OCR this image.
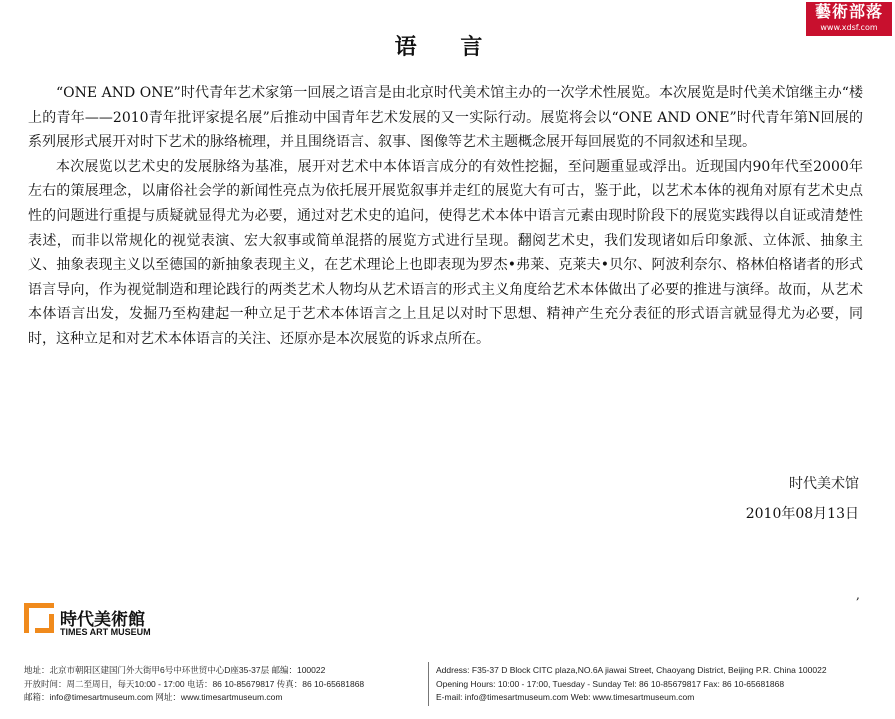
藝術部落
www.xdsf.com
语 言

“ONE AND ONE”时代青年艺术家第一回展之语言是由北京时代美术馆主办的一次学术性展览。本次展览是时代美术馆继主办“楼上的青年——2010青年批评家提名展”后推动中国青年艺术发展的又一实际行动。展览将会以“ONE AND ONE”时代青年第N回展的系列展形式展开对时下艺术的脉络梳理，并且围绕语言、叙事、图像等艺术主题概念展开每回展览的不同叙述和呈现。

本次展览以艺术史的发展脉络为基准，展开对艺术中本体语言成分的有效性挖掘，至问题重显或浮出。近现国内90年代至2000年左右的策展理念，以庸俗社会学的新闻性亮点为依托展开展览叙事并走红的展览大有可古，鉴于此，以艺术本体的视角对原有艺术史点性的问题进行重提与质疑就显得尤为必要，通过对艺术史的追问，使得艺术本体中语言元素由现时阶段下的展览实践得以自证或清楚性表述，而非以常规化的视觉表演、宏大叙事或简单混搭的展览方式进行呈现。翻阅艺术史，我们发现诸如后印象派、立体派、抽象主义、抽象表现主义以至德国的新抽象表现主义，在艺术理论上也即表现为罗杰•弗莱、克莱夫•贝尔、阿波利奈尔、格林伯格诸者的形式语言导向，作为视觉制造和理论践行的两类艺术人物均从艺术语言的形式主义角度给艺术本体做出了必要的推进与演绎。故而，从艺术本体语言出发，发掘乃至构建起一种立足于艺术本体语言之上且足以对时下思想、精神产生充分表征的形式语言就显得尤为必要，同时，这种立足和对艺术本体语言的关注、还原亦是本次展览的诉求点所在。

时代美术馆
2010年08月13日
,
時代美術館
TIMES ART MUSEUM
地址：北京市朝阳区建国门外大街甲6号中环世贸中心D座35-37层 邮编：100022
开放时间：周二至周日，每天10:00 - 17:00 电话：86 10-85679817 传真：86 10-65681868
邮箱：info@timesartmuseum.com 网址：www.timesartmuseum.com
Address: F35-37 D Block CITC plaza,NO.6A jiawai Street, Chaoyang District, Beijing P.R. China 100022
Opening Hours: 10:00 - 17:00, Tuesday - Sunday Tel: 86 10-85679817 Fax: 86 10-65681868
E-mail: info@timesartmuseum.com Web: www.timesartmuseum.com
